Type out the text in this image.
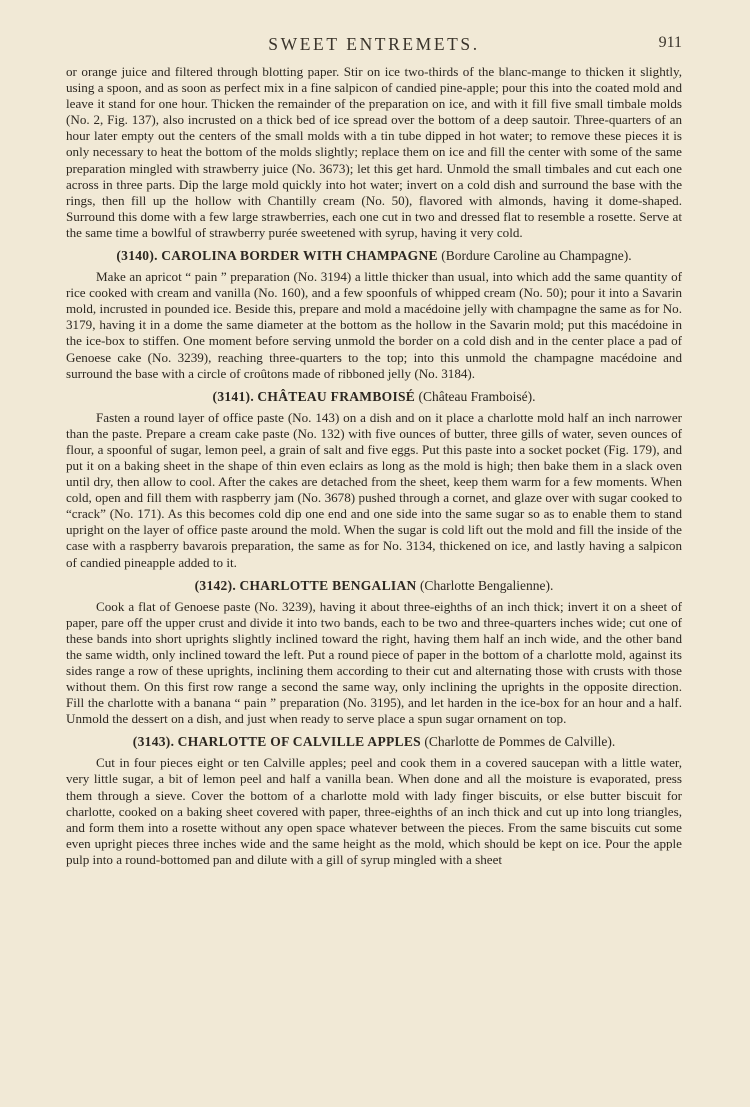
SWEET ENTREMETS.	911

or orange juice and filtered through blotting paper. Stir on ice two-thirds of the blanc-mange to thicken it slightly, using a spoon, and as soon as perfect mix in a fine salpicon of candied pine-apple; pour this into the coated mold and leave it stand for one hour. Thicken the remainder of the preparation on ice, and with it fill five small timbale molds (No. 2, Fig. 137), also incrusted on a thick bed of ice spread over the bottom of a deep sautoir. Three-quarters of an hour later empty out the centers of the small molds with a tin tube dipped in hot water; to remove these pieces it is only necessary to heat the bottom of the molds slightly; replace them on ice and fill the center with some of the same preparation mingled with strawberry juice (No. 3673); let this get hard. Unmold the small timbales and cut each one across in three parts. Dip the large mold quickly into hot water; invert on a cold dish and surround the base with the rings, then fill up the hollow with Chantilly cream (No. 50), flavored with almonds, having it dome-shaped. Surround this dome with a few large strawberries, each one cut in two and dressed flat to resemble a rosette. Serve at the same time a bowlful of strawberry purée sweetened with syrup, having it very cold.

(3140). CAROLINA BORDER WITH CHAMPAGNE (Bordure Caroline au Champagne).

Make an apricot “ pain ” preparation (No. 3194) a little thicker than usual, into which add the same quantity of rice cooked with cream and vanilla (No. 160), and a few spoonfuls of whipped cream (No. 50); pour it into a Savarin mold, incrusted in pounded ice. Beside this, prepare and mold a macédoine jelly with champagne the same as for No. 3179, having it in a dome the same diameter at the bottom as the hollow in the Savarin mold; put this macédoine in the ice-box to stiffen. One moment before serving unmold the border on a cold dish and in the center place a pad of Genoese cake (No. 3239), reaching three-quarters to the top; into this unmold the champagne macédoine and surround the base with a circle of croûtons made of ribboned jelly (No. 3184).

(3141). CHÂTEAU FRAMBOISÉ (Château Framboisé).

Fasten a round layer of office paste (No. 143) on a dish and on it place a charlotte mold half an inch narrower than the paste. Prepare a cream cake paste (No. 132) with five ounces of butter, three gills of water, seven ounces of flour, a spoonful of sugar, lemon peel, a grain of salt and five eggs. Put this paste into a socket pocket (Fig. 179), and put it on a baking sheet in the shape of thin even eclairs as long as the mold is high; then bake them in a slack oven until dry, then allow to cool. After the cakes are detached from the sheet, keep them warm for a few moments. When cold, open and fill them with raspberry jam (No. 3678) pushed through a cornet, and glaze over with sugar cooked to “crack” (No. 171). As this becomes cold dip one end and one side into the same sugar so as to enable them to stand upright on the layer of office paste around the mold. When the sugar is cold lift out the mold and fill the inside of the case with a raspberry bavarois preparation, the same as for No. 3134, thickened on ice, and lastly having a salpicon of candied pineapple added to it.

(3142). CHARLOTTE BENGALIAN (Charlotte Bengalienne).

Cook a flat of Genoese paste (No. 3239), having it about three-eighths of an inch thick; invert it on a sheet of paper, pare off the upper crust and divide it into two bands, each to be two and three-quarters inches wide; cut one of these bands into short uprights slightly inclined toward the right, having them half an inch wide, and the other band the same width, only inclined toward the left. Put a round piece of paper in the bottom of a charlotte mold, against its sides range a row of these uprights, inclining them according to their cut and alternating those with crusts with those without them. On this first row range a second the same way, only inclining the uprights in the opposite direction. Fill the charlotte with a banana “ pain ” preparation (No. 3195), and let harden in the ice-box for an hour and a half. Unmold the dessert on a dish, and just when ready to serve place a spun sugar ornament on top.

(3143). CHARLOTTE OF CALVILLE APPLES (Charlotte de Pommes de Calville).

Cut in four pieces eight or ten Calville apples; peel and cook them in a covered saucepan with a little water, very little sugar, a bit of lemon peel and half a vanilla bean. When done and all the moisture is evaporated, press them through a sieve. Cover the bottom of a charlotte mold with lady finger biscuits, or else butter biscuit for charlotte, cooked on a baking sheet covered with paper, three-eighths of an inch thick and cut up into long triangles, and form them into a rosette without any open space whatever between the pieces. From the same biscuits cut some even upright pieces three inches wide and the same height as the mold, which should be kept on ice. Pour the apple pulp into a round-bottomed pan and dilute with a gill of syrup mingled with a sheet
